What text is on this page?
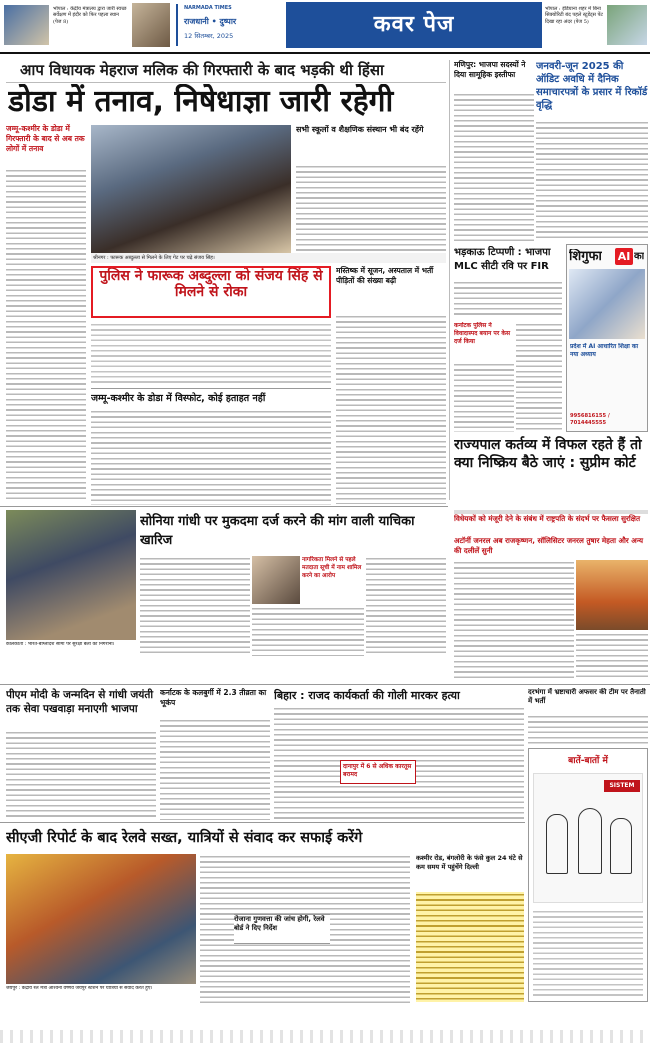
भोपाल : केंद्रीय मंत्रालय द्वारा जारी स्वच्छ सर्वेक्षण में इंदौर को फिर पहला स्थान (पेज 8)
NARMADA TIMES
राजधानी • दुष्पार
12 सितम्बर, 2025	कवर पेज
भोपाल : इंडियाना शहर में बिना सिक्योरिटी बंद पहले स्टूडेंट्स पेंट दिखा रहा अंदर (पेज 5)
आप विधायक मेहराज मलिक की गिरफ्तारी के बाद भड़की थी हिंसा
डोडा में तनाव, निषेधाज्ञा जारी रहेगी
जम्मू-कश्मीर के डोडा में गिरफ्तारी के बाद से अब तक लोगों में तनाव
श्रीनगर : फारूक अब्दुल्ला से मिलने के लिए गेट पर चढ़े संजय सिंह।
सभी स्कूलों व शैक्षणिक संस्थान भी बंद रहेंगे
पुलिस ने फारूक अब्दुल्ला को संजय सिंह से मिलने से रोका
मस्तिष्क में सूजन, अस्पताल में भर्ती पीड़ितों की संख्या बढ़ी
जम्मू-कश्मीर के डोडा में विस्फोट, कोई हताहत नहीं
मणिपुर: भाजपा सदस्यों ने दिया सामूहिक इस्तीफा
जनवरी-जून 2025 की ऑडिट अवधि में दैनिक समाचारपत्रों के प्रसार में रिकॉर्ड वृद्धि
भड़काऊ टिप्पणी : भाजपा MLC सीटी रवि पर FIR
कर्नाटक पुलिस ने विवादास्पद बयान पर केस दर्ज किया
शिगुफा AI का
प्रदेश में AI आधारित शिक्षा का नया अध्याय
9956816155 / 7014445555
राज्यपाल कर्तव्य में विफल रहते हैं तो क्या निष्क्रिय बैठे जाएं : सुप्रीम कोर्ट
कोलकाता : भारत-बांग्लादेश सीमा पर सुरक्षा बलों की निगरानी।
सोनिया गांधी पर मुकदमा दर्ज करने की मांग वाली याचिका खारिज
नागरिकता मिलने से पहले मतदाता सूची में नाम शामिल करने का आरोप
विधेयकों को मंजूरी देने के संबंध में राष्ट्रपति के संदर्भ पर फैसला सुरक्षित
अटॉर्नी जनरल अब राजकृष्णन, सॉलिसिटर जनरल तुषार मेहता और अन्य की दलीलें सुनी
पीएम मोदी के जन्मदिन से गांधी जयंती तक सेवा पखवाड़ा मनाएगी भाजपा
कर्नाटक के कलबुर्गी में 2.3 तीव्रता का भूकंप
बिहार : राजद कार्यकर्ता की गोली मारकर हत्या
दानापुर में 6 से अधिक कारतूस बरामद
दरभंगा में भ्रष्टाचारी अफसर की टीम पर तैनाती में भर्ती
सीएजी रिपोर्ट के बाद रेलवे सख्त, यात्रियों से संवाद कर सफाई करेंगे
जयपुर : केंद्रीय रेल मंत्री अश्विनी वैष्णव जयपुर स्टेशन पर यात्रियों से संवाद करते हुए।
रोजाना गुणवत्ता की जांच होगी, रेलवे बोर्ड ने दिए निर्देश
कश्मीर रोड, बंगलोरी के फंसे कुल 24 घंटे से कम समय में पहुंचेंगे दिल्ली
बातें-बातों में
SISTEM
